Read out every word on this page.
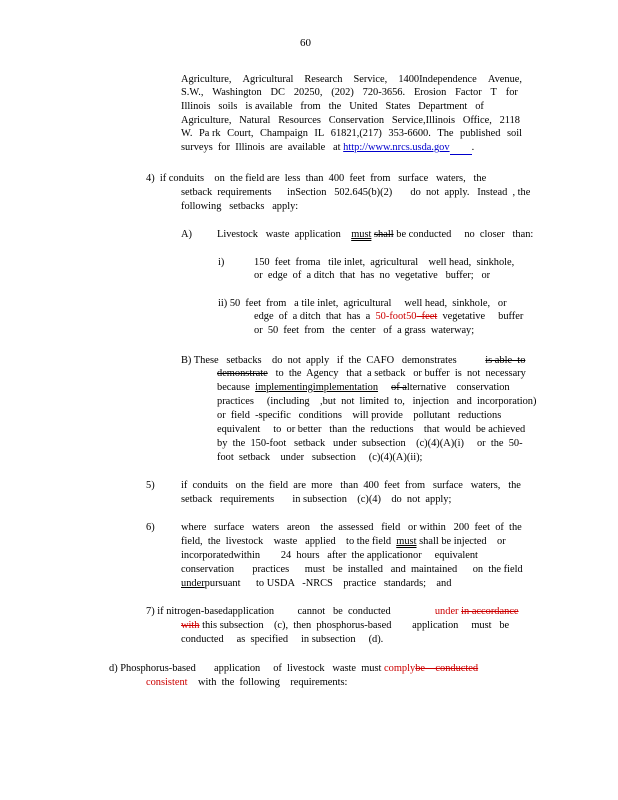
60
Agriculture, Agricultural Research Service, 1400Independence Avenue,
S.W., Washington DC 20250, (202) 720-3656. Erosion Factor T for
Illinois soils is available from the United States Department of
Agriculture, Natural Resources Conservation Service,Illinois Office, 2118
W. Pa rk Court, Champaign IL 61821,(217) 353-6600. The published soil
surveys  for  Illinois  are  available   at http://www.nrcs.usda.gov .
4)  if conduits    on  the field are  less  than  400  feet  from   surface   waters,   the
setback  requirements      inSection   502.645(b)(2)       do  not  apply.   Instead  , the
following   setbacks   apply:
A) Livestock   waste  application must shall be conducted     no  closer   than:
i)	150  feet  froma   tile inlet,  agricultural    well head,  sinkhole,
or  edge  of  a ditch  that  has  no  vegetative   buffer;   or
ii) 50  feet  from   a tile inlet,  agricultural     well head,  sinkhole,   or
edge  of  a ditch  that  has  a 50-foot50  feet  vegetative     buffer
or  50  feet  from   the  center   of  a grass  waterway;
B) These   setbacks    do  not  apply   if  the  CAFO   demonstrates	is able  to
demonstrate   to  the  Agency   that  a setback   or buffer  is  not  necessary
because implementingimplementation of alternative    conservation
practices     (including    ,but  not  limited  to,   injection   and  incorporation)
or  field  -specific   conditions    will provide    pollutant   reductions
equivalent     to  or better   than  the  reductions    that  would  be achieved
by  the  150-foot   setback   under  subsection    (c)(4)(A)(i)     or  the  50-
foot  setback    under   subsection     (c)(4)(A)(ii);
5)	if  conduits   on  the  field  are  more   than  400  feet  from   surface   waters,   the
setback   requirements       in subsection    (c)(4)    do  not  apply;
6)	where   surface   waters   areon    the  assessed   field   or within   200  feet  of  the
field,  the  livestock    waste   applied    to the field must shall be injected    or
incorporatedwithin        24  hours   after  the applicationor     equivalent
conservation       practices      must   be  installed   and  maintained      on  the field
underpursuant      to USDA   -NRCS    practice   standards;    and
7) if nitrogen-basedapplication         cannot   be  conducted	under in accordance
with this subsection    (c),  then  phosphorus-based        application     must   be
conducted     as  specified     in subsection     (d).
d) Phosphorus-based       application     of  livestock   waste  must complybe    conducted
consistent    with  the  following    requirements:
